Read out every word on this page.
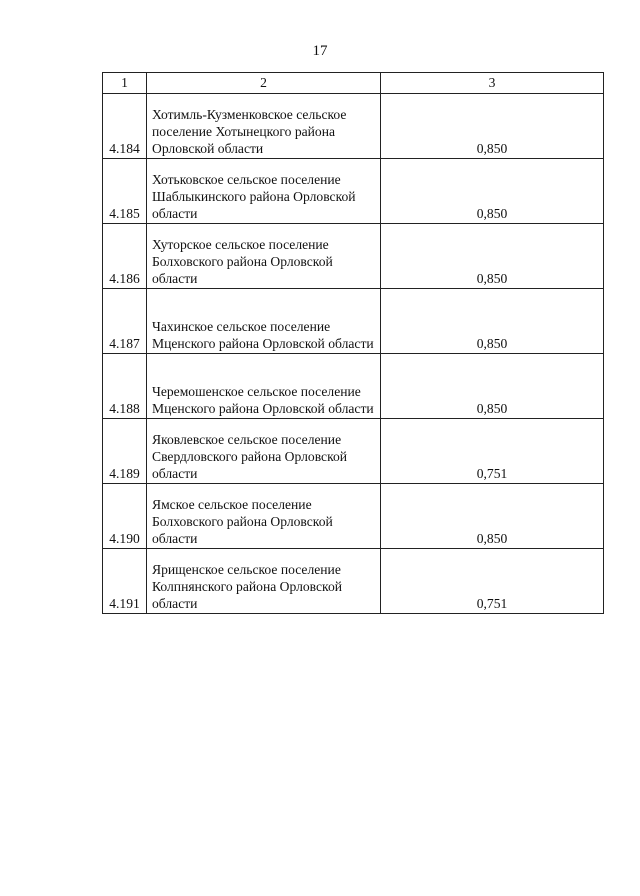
17
1	2	3
4.184	Хотимль-Кузменковское сельское поселение Хотынецкого района Орловской области	0,850
4.185	Хотьковское сельское поселение Шаблыкинского района Орловской области	0,850
4.186	Хуторское сельское поселение Болховского района Орловской области	0,850
4.187	Чахинское сельское поселение Мценского района Орловской области	0,850
4.188	Черемошенское сельское поселение Мценского района Орловской области	0,850
4.189	Яковлевское сельское поселение Свердловского района Орловской области	0,751
4.190	Ямское сельское поселение Болховского района Орловской области	0,850
4.191	Ярищенское сельское поселение Колпнянского района Орловской области	0,751
